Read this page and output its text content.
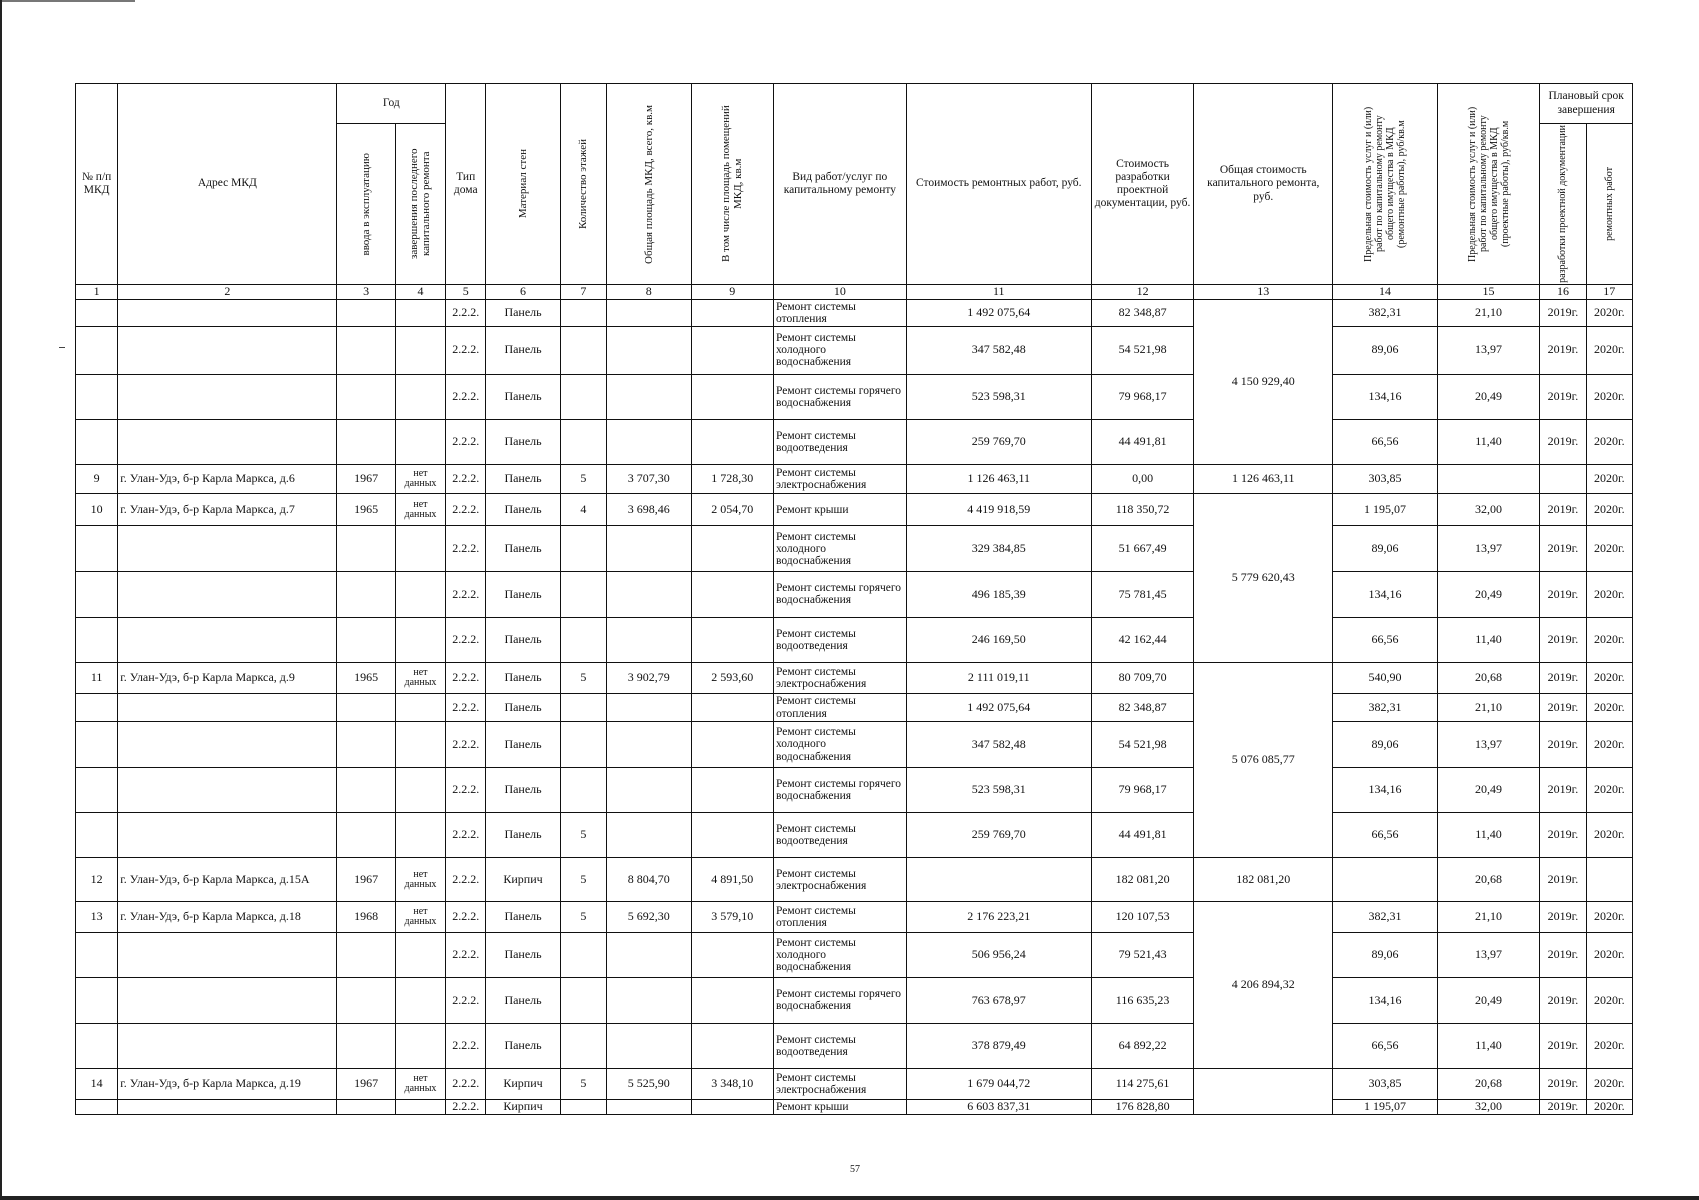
№ п/п МКД	Адрес МКД	Год		Тип дома	Материал стен	Количество этажей	Общая площадь МКД, всего, кв.м	В том числе площадь помещений МКД, кв.м	Вид работ/услуг по капитальному ремонту	Стоимость ремонтных работ, руб.	Стоимость разработки проектной документации, руб.	Общая стоимость капитального ремонта, руб.	Предельная стоимость услуг и (или) работ по капитальному ремонту общего имущества в МКД (ремонтные работы), руб/кв.м	Предельная стоимость услуг и (или) работ по капитальному ремонту общего имущества в МКД (проектные работы), руб/кв.м	Плановый срок завершения	

		ввода в эксплуатацию	завершения последнего капитального ремонта												разработки проектной документации	ремонтных работ

1	2	3	4	5	6	7	8	9	10	11	12	13	14	15	16	17
				2.2.2.	Панель				Ремонт системы отопления	1 492 075,64	82 348,87	4 150 929,40	382,31	21,10	2019г.	2020г.
				2.2.2.	Панель				Ремонт системы холодного водоснабжения	347 582,48	54 521,98		89,06	13,97	2019г.	2020г.
				2.2.2.	Панель				Ремонт системы горячего водоснабжения	523 598,31	79 968,17		134,16	20,49	2019г.	2020г.
				2.2.2.	Панель				Ремонт системы водоотведения	259 769,70	44 491,81		66,56	11,40	2019г.	2020г.
9	г. Улан-Удэ, б-р Карла Маркса, д.6	1967	нет данных	2.2.2.	Панель	5	3 707,30	1 728,30	Ремонт системы электроснабжения	1 126 463,11	0,00	1 126 463,11	303,85			2020г.
10	г. Улан-Удэ, б-р Карла Маркса, д.7	1965	нет данных	2.2.2.	Панель	4	3 698,46	2 054,70	Ремонт крыши	4 419 918,59	118 350,72	5 779 620,43	1 195,07	32,00	2019г.	2020г.
				2.2.2.	Панель				Ремонт системы холодного водоснабжения	329 384,85	51 667,49		89,06	13,97	2019г.	2020г.
				2.2.2.	Панель				Ремонт системы горячего водоснабжения	496 185,39	75 781,45		134,16	20,49	2019г.	2020г.
				2.2.2.	Панель				Ремонт системы водоотведения	246 169,50	42 162,44		66,56	11,40	2019г.	2020г.
11	г. Улан-Удэ, б-р Карла Маркса, д.9	1965	нет данных	2.2.2.	Панель	5	3 902,79	2 593,60	Ремонт системы электроснабжения	2 111 019,11	80 709,70	5 076 085,77	540,90	20,68	2019г.	2020г.
				2.2.2.	Панель				Ремонт системы отопления	1 492 075,64	82 348,87		382,31	21,10	2019г.	2020г.
				2.2.2.	Панель				Ремонт системы холодного водоснабжения	347 582,48	54 521,98		89,06	13,97	2019г.	2020г.
				2.2.2.	Панель				Ремонт системы горячего водоснабжения	523 598,31	79 968,17		134,16	20,49	2019г.	2020г.
				2.2.2.	Панель	5			Ремонт системы водоотведения	259 769,70	44 491,81		66,56	11,40	2019г.	2020г.
12	г. Улан-Удэ, б-р Карла Маркса, д.15А	1967	нет данных	2.2.2.	Кирпич	5	8 804,70	4 891,50	Ремонт системы электроснабжения		182 081,20	182 081,20		20,68	2019г.	
13	г. Улан-Удэ, б-р Карла Маркса, д.18	1968	нет данных	2.2.2.	Панель	5	5 692,30	3 579,10	Ремонт системы отопления	2 176 223,21	120 107,53	4 206 894,32	382,31	21,10	2019г.	2020г.
				2.2.2.	Панель				Ремонт системы холодного водоснабжения	506 956,24	79 521,43		89,06	13,97	2019г.	2020г.
				2.2.2.	Панель				Ремонт системы горячего водоснабжения	763 678,97	116 635,23		134,16	20,49	2019г.	2020г.
				2.2.2.	Панель				Ремонт системы водоотведения	378 879,49	64 892,22		66,56	11,40	2019г.	2020г.
14	г. Улан-Удэ, б-р Карла Маркса, д.19	1967	нет данных	2.2.2.	Кирпич	5	5 525,90	3 348,10	Ремонт системы электроснабжения	1 679 044,72	114 275,61		303,85	20,68	2019г.	2020г.
				2.2.2.	Кирпич				Ремонт крыши	6 603 837,31	176 828,80		1 195,07	32,00	2019г.	2020г.
57
